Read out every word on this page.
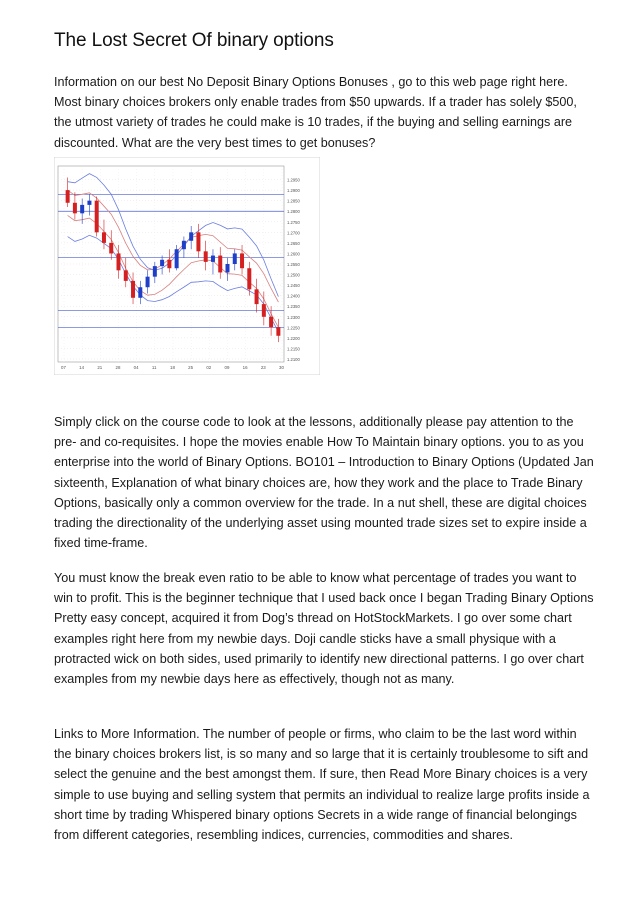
The Lost Secret Of binary options

Information on our best No Deposit Binary Options Bonuses , go to this web page right here. Most binary choices brokers only enable trades from $50 upwards. If a trader has solely $500, the utmost variety of trades he could make is 10 trades, if the buying and selling earnings are discounted. What are the very best times to get bonuses?

1.2950
1.2900
1.2850
1.2800
1.2750
1.2700
1.2650
1.2600
1.2550
1.2500
1.2450
1.2400
1.2350
1.2300
1.2250
1.2200
1.2150
1.2100
07	14	21	28	04	11	18	25	02	09	16	23	30

Simply click on the course code to look at the lessons, additionally please pay attention to the pre- and co-requisites. I hope the movies enable How To Maintain binary options. you to as you enterprise into the world of Binary Options. BO101 – Introduction to Binary Options (Updated Jan sixteenth, Explanation of what binary choices are, how they work and the place to Trade Binary Options, basically only a common overview for the trade. In a nut shell, these are digital choices trading the directionality of the underlying asset using mounted trade sizes set to expire inside a fixed time-frame.

You must know the break even ratio to be able to know what percentage of trades you want to win to profit. This is the beginner technique that I used back once I began Trading Binary Options Pretty easy concept, acquired it from Dog’s thread on HotStockMarkets. I go over some chart examples right here from my newbie days. Doji candle sticks have a small physique with a protracted wick on both sides, used primarily to identify new directional patterns. I go over chart examples from my newbie days here as effectively, though not as many.

Links to More Information. The number of people or firms, who claim to be the last word within the binary choices brokers list, is so many and so large that it is certainly troublesome to sift and select the genuine and the best amongst them. If sure, then Read More Binary choices is a very simple to use buying and selling system that permits an individual to realize large profits inside a short time by trading Whispered binary options Secrets in a wide range of financial belongings from different categories, resembling indices, currencies, commodities and shares.
